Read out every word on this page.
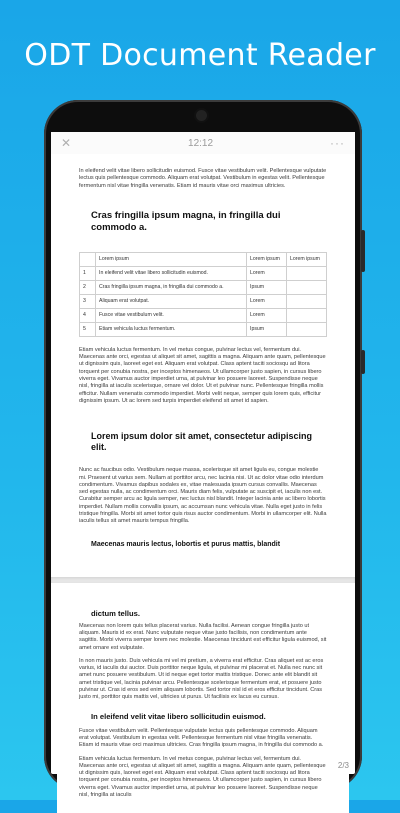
ODT Document Reader
✕	12:12	···

In eleifend velit vitae libero sollicitudin euismod. Fusce vitae vestibulum velit. Pellentesque vulputate lectus quis pellentesque commodo. Aliquam erat volutpat. Vestibulum in egestas velit. Pellentesque fermentum nisl vitae fringilla venenatis. Etiam id mauris vitae orci maximus ultricies.

Cras fringilla ipsum magna, in fringilla dui commodo a.
	Lorem ipsum	Lorem ipsum	Lorem ipsum
1	In eleifend velit vitae libero sollicitudin euismod.	Lorem	
2	Cras fringilla ipsum magna, in fringilla dui commodo a.	Ipsum	
3	Aliquam erat volutpat.	Lorem	
4	Fusce vitae vestibulum velit.	Lorem	
5	Etiam vehicula luctus fermentum.	Ipsum	

Etiam vehicula luctus fermentum. In vel metus congue, pulvinar lectus vel, fermentum dui. Maecenas ante orci, egestas ut aliquet sit amet, sagittis a magna. Aliquam ante quam, pellentesque ut dignissim quis, laoreet eget est. Aliquam erat volutpat. Class aptent taciti sociosqu ad litora torquent per conubia nostra, per inceptos himenaeos. Ut ullamcorper justo sapien, in cursus libero viverra eget. Vivamus auctor imperdiet urna, at pulvinar leo posuere laoreet. Suspendisse neque nisl, fringilla at iaculis scelerisque, ornare vel dolor. Ut et pulvinar nunc. Pellentesque fringilla mollis efficitur. Nullam venenatis commodo imperdiet. Morbi velit neque, semper quis lorem quis, efficitur dignissim ipsum. Ut ac lorem sed turpis imperdiet eleifend sit amet id sapien.

Lorem ipsum dolor sit amet, consectetur adipiscing elit.

Nunc ac faucibus odio. Vestibulum neque massa, scelerisque sit amet ligula eu, congue molestie mi. Praesent ut varius sem. Nullam at porttitor arcu, nec lacinia nisi. Ut ac dolor vitae odio interdum condimentum. Vivamus dapibus sodales ex, vitae malesuada ipsum cursus convallis. Maecenas sed egestas nulla, ac condimentum orci. Mauris diam felis, vulputate ac suscipit et, iaculis non est. Curabitur semper arcu ac ligula semper, nec luctus nisl blandit. Integer lacinia ante ac libero lobortis imperdiet. Nullam mollis convallis ipsum, ac accumsan nunc vehicula vitae. Nulla eget justo in felis tristique fringilla. Morbi sit amet tortor quis risus auctor condimentum. Morbi in ullamcorper elit. Nulla iaculis tellus sit amet mauris tempus fringilla.

Maecenas mauris lectus, lobortis et purus mattis, blandit
dictum tellus.

Maecenas non lorem quis tellus placerat varius. Nulla facilisi. Aenean congue fringilla justo ut aliquam. Mauris id ex erat. Nunc vulputate neque vitae justo facilisis, non condimentum ante sagittis. Morbi viverra semper lorem nec molestie. Maecenas tincidunt est efficitur ligula euismod, sit amet ornare est vulputate.

In non mauris justo. Duis vehicula mi vel mi pretium, a viverra erat efficitur. Cras aliquet est ac eros varius, id iaculis dui auctor. Duis porttitor neque ligula, et pulvinar mi placerat et. Nulla nec nunc sit amet nunc posuere vestibulum. Ut id neque eget tortor mattis tristique. Donec ante elit blandit sit amet tristique vel, lacinia pulvinar arcu. Pellentesque scelerisque fermentum erat, et posuere justo pulvinar ut. Cras id eros sed enim aliquam lobortis. Sed tortor nisl id et eros efficitur tincidunt. Cras justo mi, porttitor quis mattis vel, ultricies ut purus. Ut facilisis ex lacus eu cursus.

In eleifend velit vitae libero sollicitudin euismod.

Fusce vitae vestibulum velit. Pellentesque vulputate lectus quis pellentesque commodo. Aliquam erat volutpat. Vestibulum in egestas velit. Pellentesque fermentum nisl vitae fringilla venenatis. Etiam id mauris vitae orci maximus ultricies. Cras fringilla ipsum magna, in fringilla dui commodo a.

Etiam vehicula luctus fermentum. In vel metus congue, pulvinar lectus vel, fermentum dui. Maecenas ante orci, egestas ut aliquet sit amet, sagittis a magna. Aliquam ante quam, pellentesque ut dignissim quis, laoreet eget est. Aliquam erat volutpat. Class aptent taciti sociosqu ad litora torquent per conubia nostra, per inceptos himenaeos. Ut ullamcorper justo sapien, in cursus libero viverra eget. Vivamus auctor imperdiet urna, at pulvinar leo posuere laoreet. Suspendisse neque nisl, fringilla at iaculis

2/3
